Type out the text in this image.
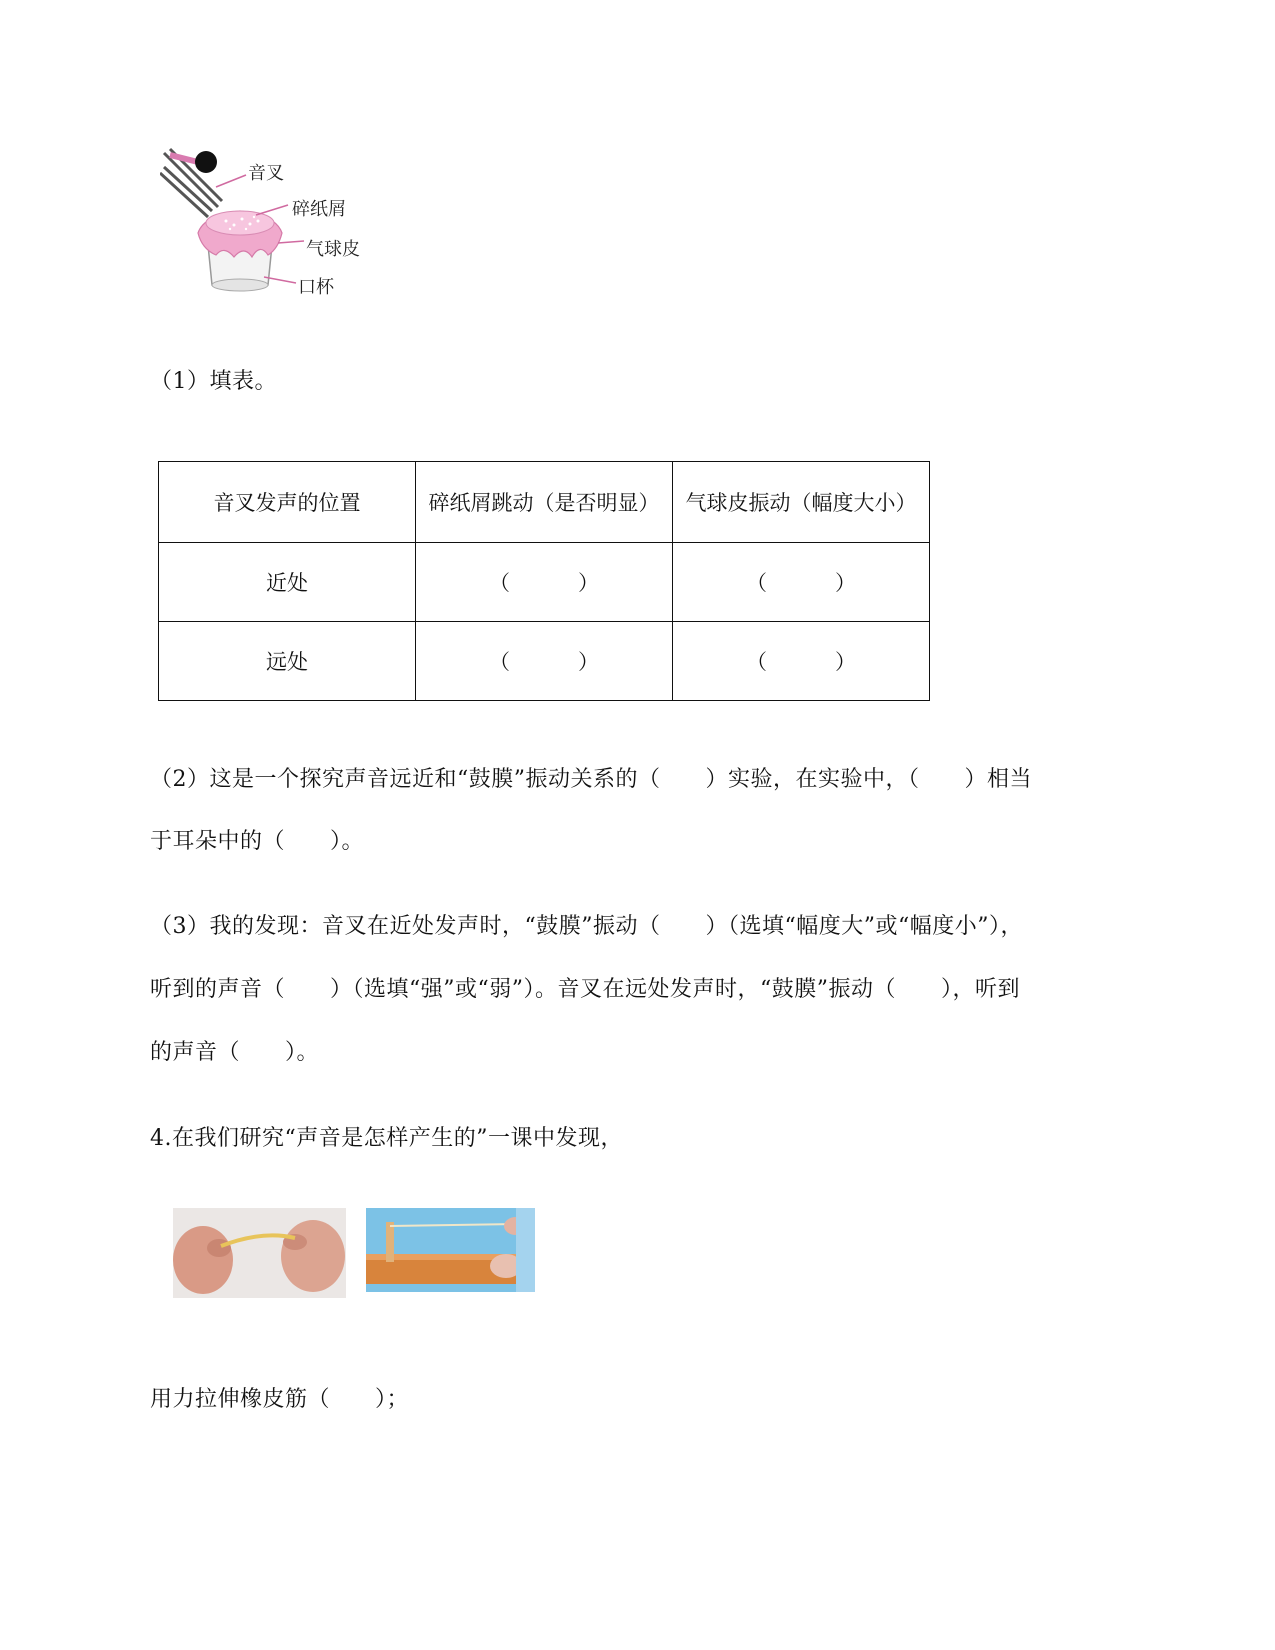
音叉
碎纸屑
气球皮
口杯
（1）填表。
音叉发声的位置	碎纸屑跳动（是否明显）	气球皮振动（幅度大小）
近处	（　　　）	（　　　）
远处	（　　　）	（　　　）
（2）这是一个探究声音远近和“鼓膜”振动关系的（　　）实验，在实验中，（　　）相当
于耳朵中的（　　）。
（3）我的发现：音叉在近处发声时，“鼓膜”振动（　　）（选填“幅度大”或“幅度小”），
听到的声音（　　）（选填“强”或“弱”）。音叉在远处发声时，“鼓膜”振动（　　），听到
的声音（　　）。
4.在我们研究“声音是怎样产生的”一课中发现，
用力拉伸橡皮筋（　　）；
